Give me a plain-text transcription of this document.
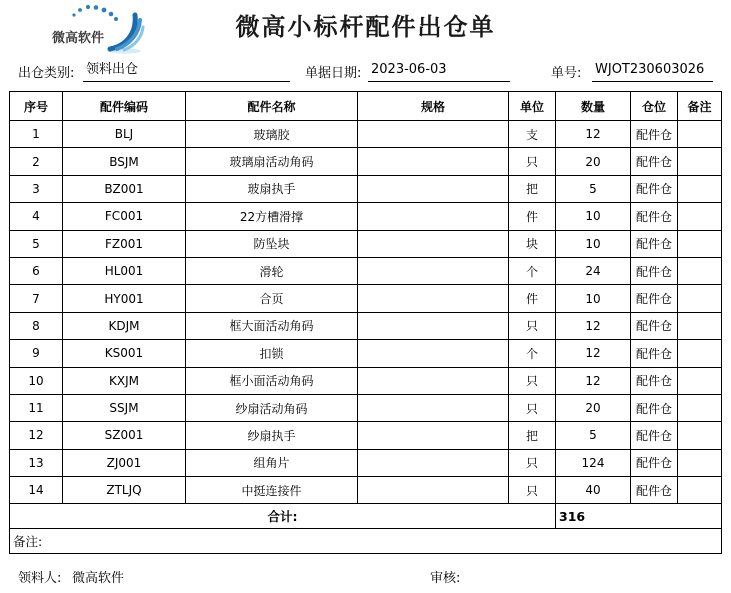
微高软件	微高小标杆配件出仓单
出仓类别: 领料出仓	单据日期: 2023-06-03	单号: WJOT230603026
序号	配件编码	配件名称	规格	单位	数量	仓位	备注
1	BLJ	玻璃胶		支	12	配件仓	
2	BSJM	玻璃扇活动角码		只	20	配件仓	
3	BZ001	玻扇执手		把	5	配件仓	
4	FC001	22方槽滑撑		件	10	配件仓	
5	FZ001	防坠块		块	10	配件仓	
6	HL001	滑轮		个	24	配件仓	
7	HY001	合页		件	10	配件仓	
8	KDJM	框大面活动角码		只	12	配件仓	
9	KS001	扣锁		个	12	配件仓	
10	KXJM	框小面活动角码		只	12	配件仓	
11	SSJM	纱扇活动角码		只	20	配件仓	
12	SZ001	纱扇执手		把	5	配件仓	
13	ZJ001	组角片		只	124	配件仓	
14	ZTLJQ	中挺连接件		只	40	配件仓	
合计:					316		
备注:							
领料人: 微高软件	审核:
